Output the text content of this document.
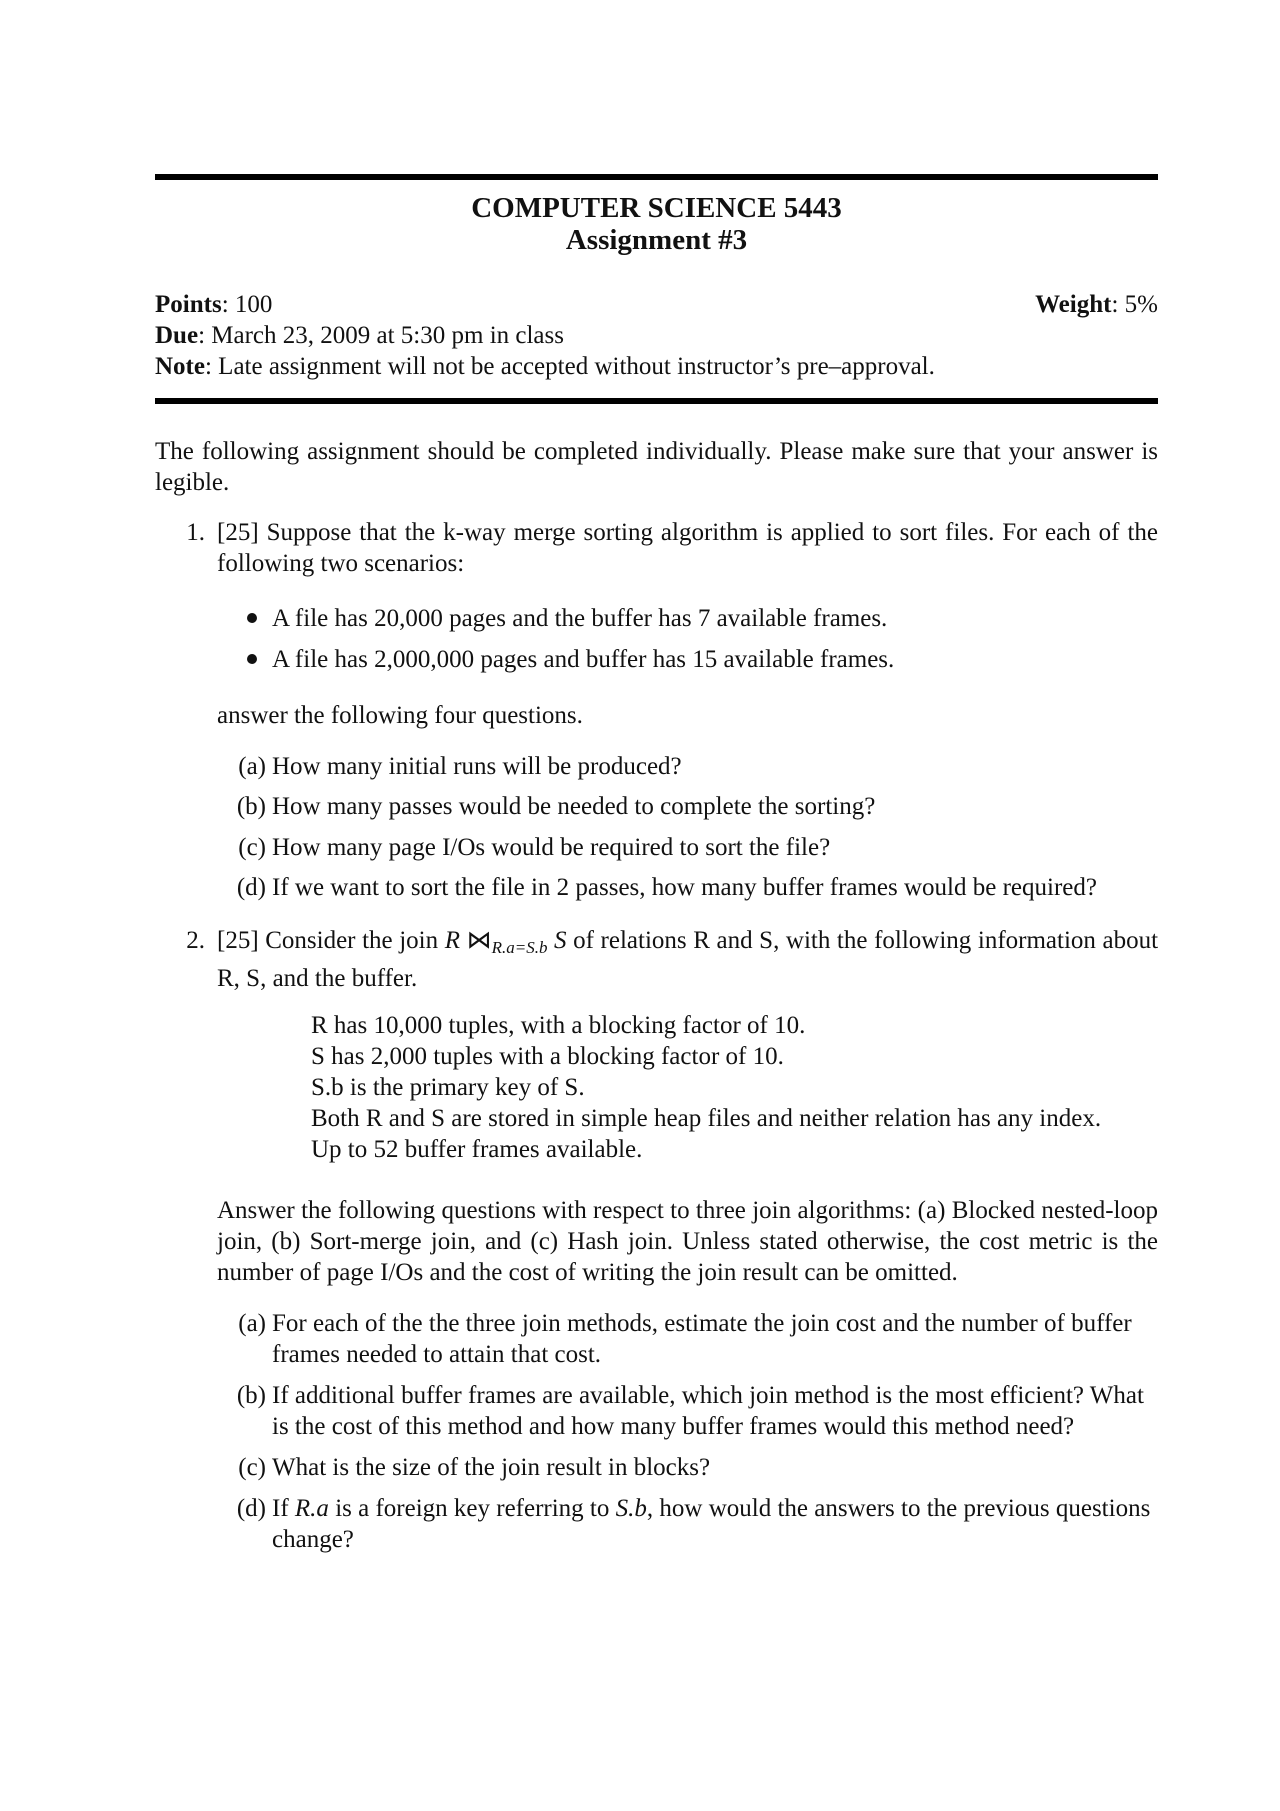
COMPUTER SCIENCE 5443
Assignment #3
Points: 100	Weight: 5%
Due: March 23, 2009 at 5:30 pm in class
Note: Late assignment will not be accepted without instructor’s pre–approval.
The following assignment should be completed individually. Please make sure that your answer is legible.
1. [25] Suppose that the k-way merge sorting algorithm is applied to sort files. For each of the following two scenarios:
A file has 20,000 pages and the buffer has 7 available frames.
A file has 2,000,000 pages and buffer has 15 available frames.
answer the following four questions.
(a) How many initial runs will be produced?
(b) How many passes would be needed to complete the sorting?
(c) How many page I/Os would be required to sort the file?
(d) If we want to sort the file in 2 passes, how many buffer frames would be required?
2. [25] Consider the join R $⋈_{R.a=S.b}$ S of relations R and S, with the following information about R, S, and the buffer.
R has 10,000 tuples, with a blocking factor of 10.
S has 2,000 tuples with a blocking factor of 10.
S.b is the primary key of S.
Both R and S are stored in simple heap files and neither relation has any index.
Up to 52 buffer frames available.
Answer the following questions with respect to three join algorithms: (a) Blocked nested-loop join, (b) Sort-merge join, and (c) Hash join. Unless stated otherwise, the cost metric is the number of page I/Os and the cost of writing the join result can be omitted.
(a) For each of the the three join methods, estimate the join cost and the number of buffer frames needed to attain that cost.
(b) If additional buffer frames are available, which join method is the most efficient? What is the cost of this method and how many buffer frames would this method need?
(c) What is the size of the join result in blocks?
(d) If R.a is a foreign key referring to S.b, how would the answers to the previous questions change?
